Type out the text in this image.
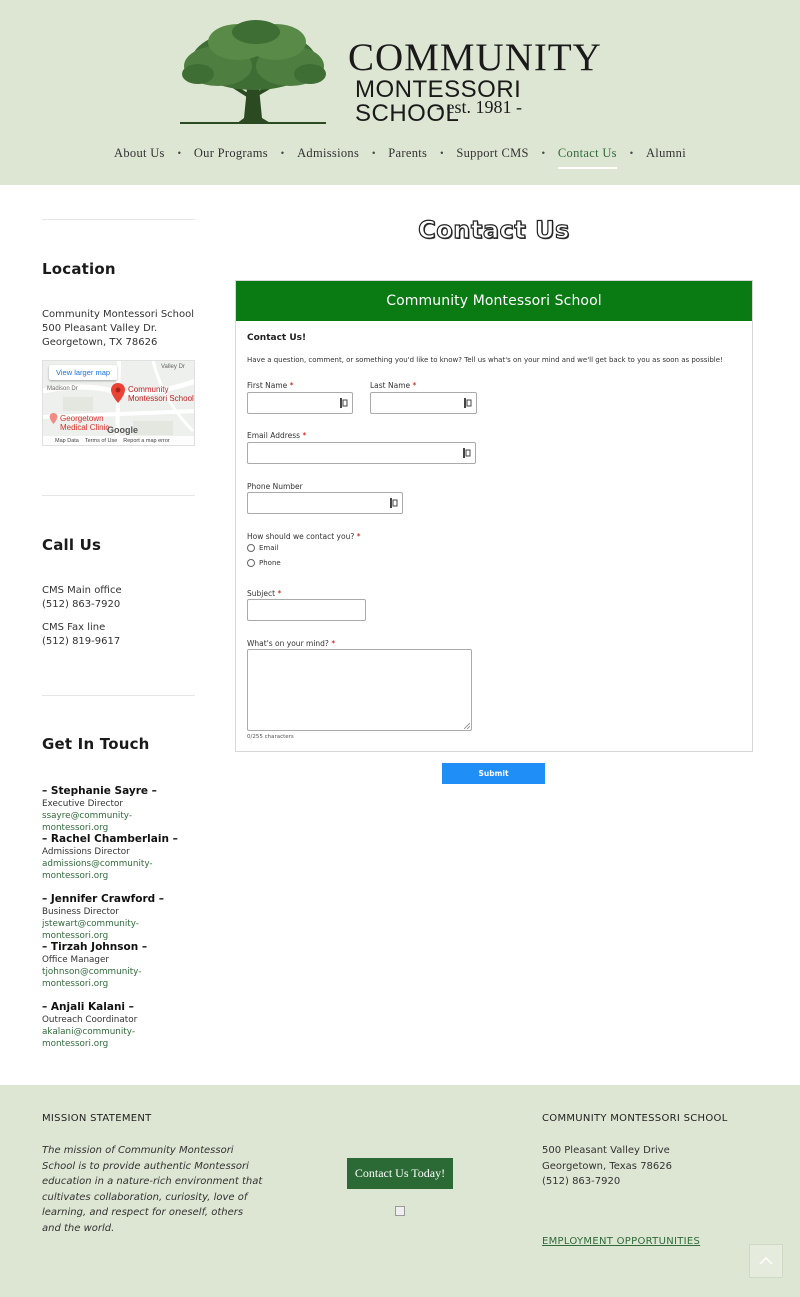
COMMUNITY
MONTESSORI SCHOOL
- est. 1981 -
About Us	•	Our Programs	•	Admissions	•	Parents	•	Support CMS	•	Contact Us	•	Alumni
Location
Community Montessori School
500 Pleasant Valley Dr.
Georgetown, TX 78626
View larger map
Valley Dr
Madison Dr	Community
Montessori School
Georgetown
Medical Clinic
Google
Map Data Terms of Use Report a map error
Call Us
CMS Main office
(512) 863-7920
CMS Fax line
(512) 819-9617
Get In Touch
– Stephanie Sayre –
Executive Director
ssayre@community-montessori.org
– Rachel Chamberlain –
Admissions Director
admissions@community-
montessori.org
– Jennifer Crawford –
Business Director
jstewart@community-montessori.org
– Tirzah Johnson –
Office Manager
tjohnson@community-
montessori.org
– Anjali Kalani –
Outreach Coordinator
akalani@community-montessori.org
Contact Us
Community Montessori School
Contact Us!
Have a question, comment, or something you'd like to know? Tell us what's on your mind and we'll get back to you as soon as possible!
First Name *	Last Name *
Email Address *
Phone Number
How should we contact you? *
Email
Phone
Subject *
What's on your mind? *
0/255 characters
Submit
MISSION STATEMENT
The mission of Community Montessori School is to provide authentic Montessori education in a nature-rich environment that cultivates collaboration, curiosity, love of learning, and respect for oneself, others and the world.
Contact Us Today!
COMMUNITY MONTESSORI SCHOOL
500 Pleasant Valley Drive
Georgetown, Texas 78626
(512) 863-7920
EMPLOYMENT OPPORTUNITIES
